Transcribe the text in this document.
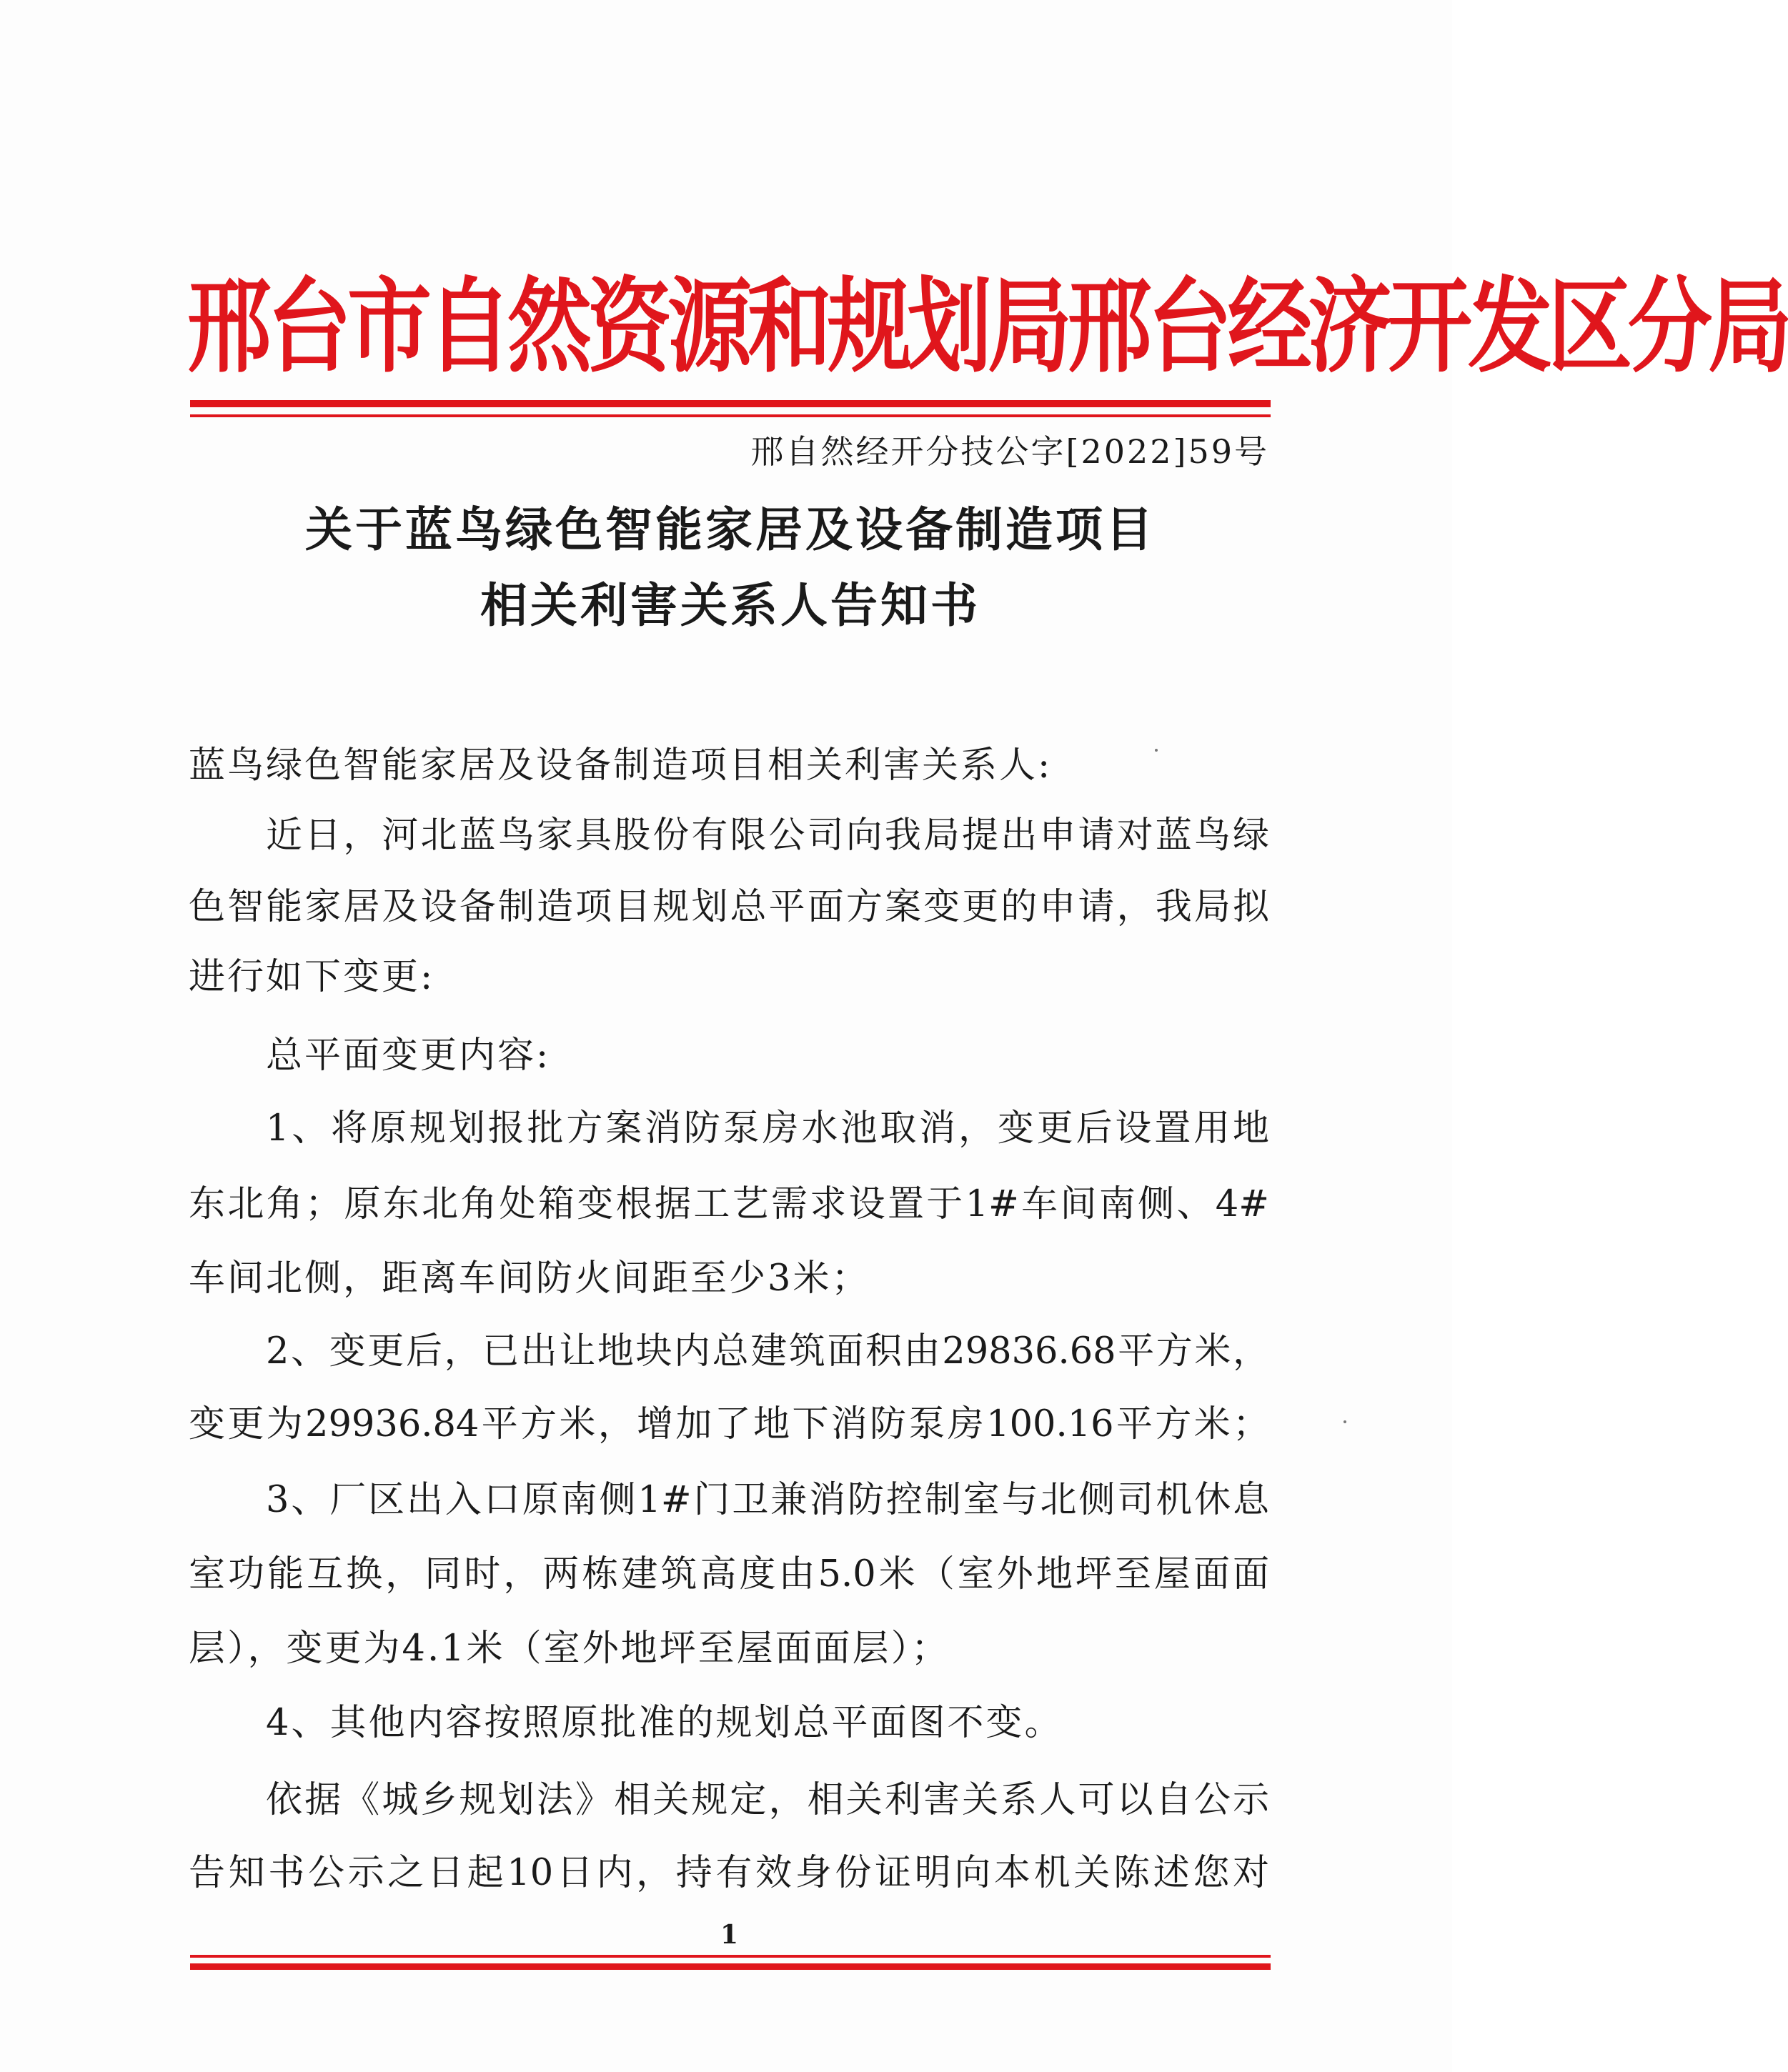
邢台市自然资源和规划局邢台经济开发区分局
邢自然经开分技公字[2022]59号
关于蓝鸟绿色智能家居及设备制造项目
相关利害关系人告知书
蓝鸟绿色智能家居及设备制造项目相关利害关系人:
近日，河北蓝鸟家具股份有限公司向我局提出申请对蓝鸟绿
色智能家居及设备制造项目规划总平面方案变更的申请，我局拟
进行如下变更:
总平面变更内容:
1、将原规划报批方案消防泵房水池取消，变更后设置用地
东北角；原东北角处箱变根据工艺需求设置于1#车间南侧、4#
车间北侧，距离车间防火间距至少3米；
2、变更后，已出让地块内总建筑面积由29836.68平方米，
变更为29936.84平方米，增加了地下消防泵房100.16平方米；
3、厂区出入口原南侧1#门卫兼消防控制室与北侧司机休息
室功能互换，同时，两栋建筑高度由5.0米（室外地坪至屋面面
层），变更为4.1米（室外地坪至屋面面层）；
4、其他内容按照原批准的规划总平面图不变。
依据《城乡规划法》相关规定，相关利害关系人可以自公示
告知书公示之日起10日内，持有效身份证明向本机关陈述您对
1
